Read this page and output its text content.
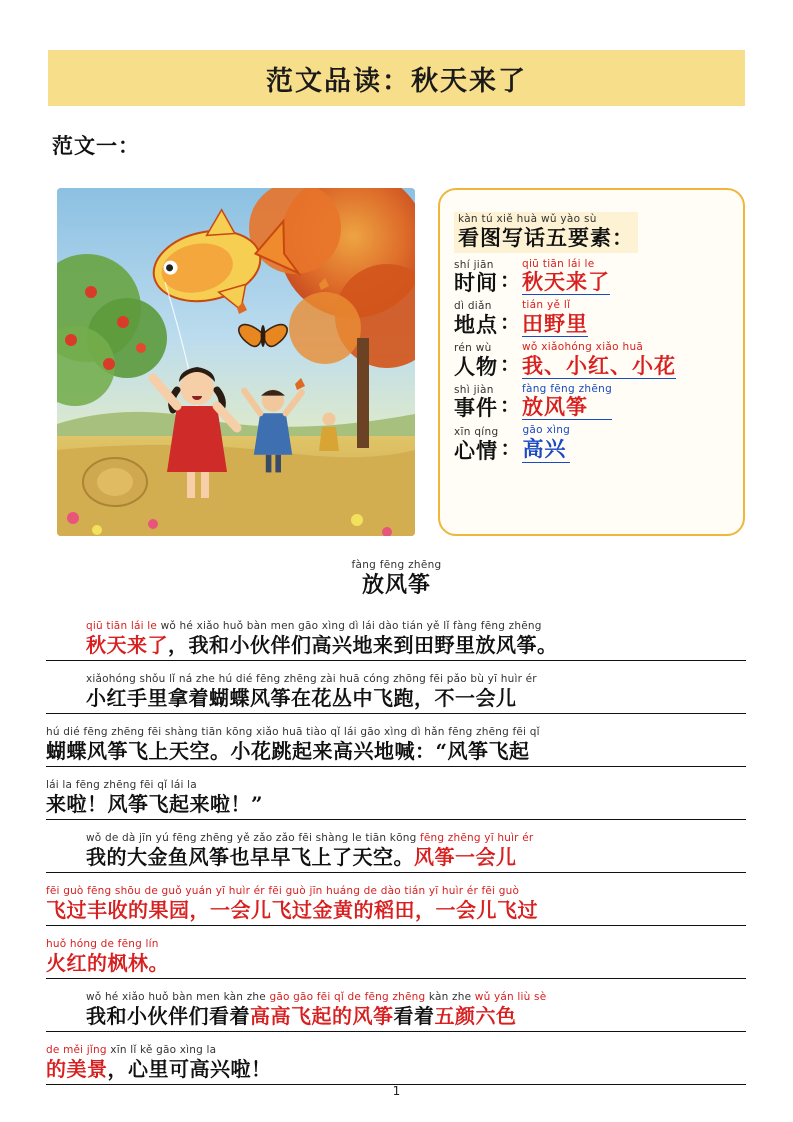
范文品读：秋天来了
范文一：
kàn tú xiě huà wǔ yào sù
看图写话五要素：
shí jiān
时间 ：
qiū tiān lái le
秋天来了
dì diǎn
地点 ：
tián yě lǐ
田野里
rén wù
人物 ：
wǒ xiǎohóng xiǎo huā
我、小红、小花
shì jiàn
事件 ：
fàng fēng zhēng
放风筝
xīn qíng
心情 ：
gāo xìng
高兴
fàng fēng zhēng
放风筝
qiū tiān lái le wǒ hé xiǎo huǒ bàn men gāo xìng dì lái dào tián yě lǐ fàng fēng zhēng
秋天来了，我和小伙伴们高兴地来到田野里放风筝。
xiǎohóng shǒu lǐ ná zhe hú dié fēng zhēng zài huā cóng zhōng fēi pǎo bù yī huìr ér
小红手里拿着蝴蝶风筝在花丛中飞跑，不一会儿
hú dié fēng zhēng fēi shàng tiān kōng xiǎo huā tiào qǐ lái gāo xìng dì hǎn fēng zhēng fēi qǐ
蝴蝶风筝飞上天空。小花跳起来高兴地喊：“风筝飞起
lái la fēng zhēng fēi qǐ lái la
来啦！风筝飞起来啦！”
wǒ de dà jīn yú fēng zhēng yě zǎo zǎo fēi shàng le tiān kōng fēng zhēng yī huìr ér
我的大金鱼风筝也早早飞上了天空。风筝一会儿
fēi guò fēng shōu de guǒ yuán yī huìr ér fēi guò jīn huáng de dào tián yī huìr ér fēi guò
飞过丰收的果园，一会儿飞过金黄的稻田，一会儿飞过
huǒ hóng de fēng lín
火红的枫林。
wǒ hé xiǎo huǒ bàn men kàn zhe gāo gāo fēi qǐ de fēng zhēng kàn zhe wǔ yán liù sè
我和小伙伴们看着高高飞起的风筝看着五颜六色
de měi jǐng xīn lǐ kě gāo xìng la
的美景，心里可高兴啦！
1
